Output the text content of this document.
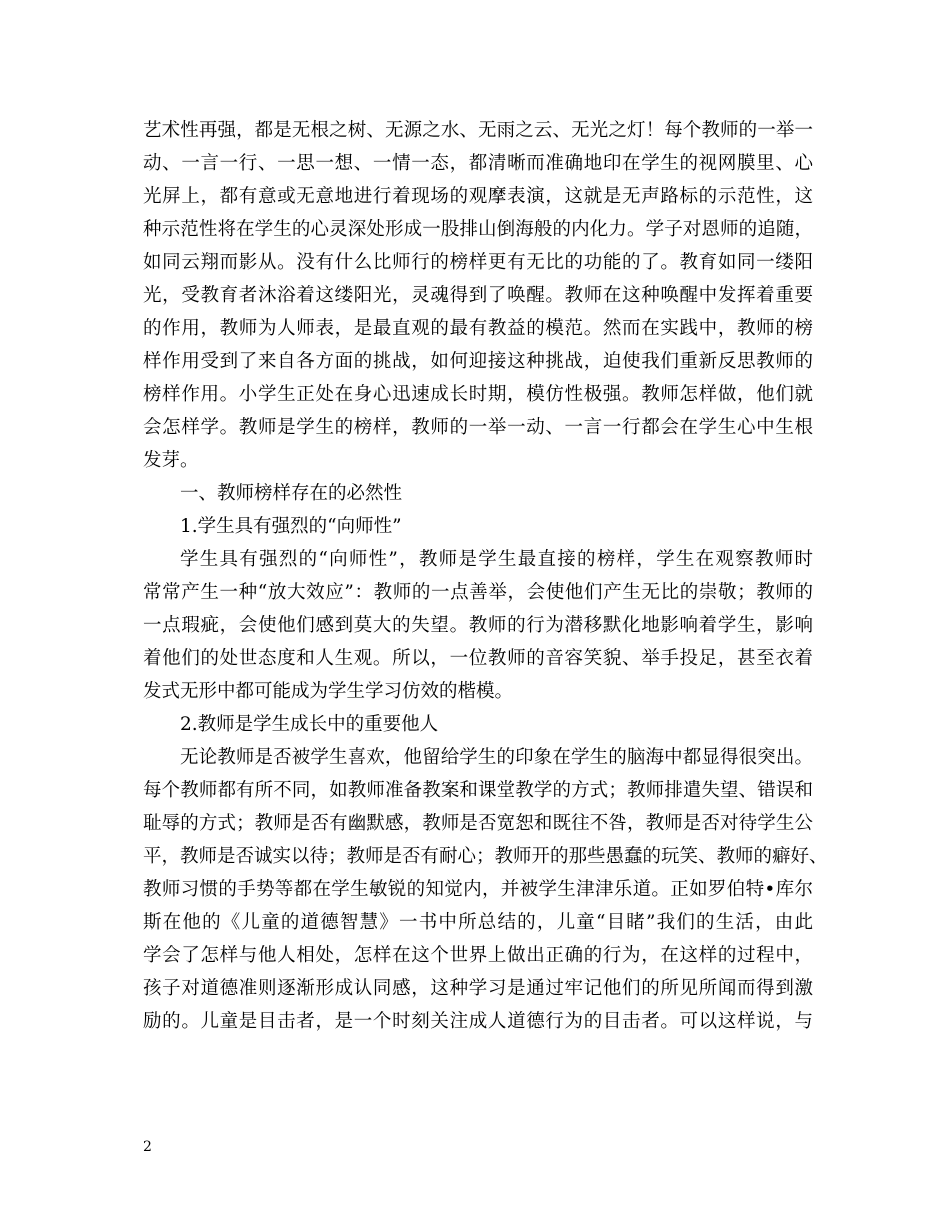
艺术性再强，都是无根之树、无源之水、无雨之云、无光之灯！每个教师的一举一
动、一言一行、一思一想、一情一态，都清晰而准确地印在学生的视网膜里、心
光屏上，都有意或无意地进行着现场的观摩表演，这就是无声路标的示范性，这
种示范性将在学生的心灵深处形成一股排山倒海般的内化力。学子对恩师的追随，
如同云翔而影从。没有什么比师行的榜样更有无比的功能的了。教育如同一缕阳
光，受教育者沐浴着这缕阳光，灵魂得到了唤醒。教师在这种唤醒中发挥着重要
的作用，教师为人师表，是最直观的最有教益的模范。然而在实践中，教师的榜
样作用受到了来自各方面的挑战，如何迎接这种挑战，迫使我们重新反思教师的
榜样作用。小学生正处在身心迅速成长时期，模仿性极强。教师怎样做，他们就
会怎样学。教师是学生的榜样，教师的一举一动、一言一行都会在学生心中生根
发芽。
一、教师榜样存在的必然性
1.学生具有强烈的“向师性”
学生具有强烈的“向师性”，教师是学生最直接的榜样，学生在观察教师时
常常产生一种“放大效应”：教师的一点善举，会使他们产生无比的崇敬；教师的
一点瑕疵，会使他们感到莫大的失望。教师的行为潜移默化地影响着学生，影响
着他们的处世态度和人生观。所以，一位教师的音容笑貌、举手投足，甚至衣着
发式无形中都可能成为学生学习仿效的楷模。
2.教师是学生成长中的重要他人
无论教师是否被学生喜欢，他留给学生的印象在学生的脑海中都显得很突出。
每个教师都有所不同，如教师准备教案和课堂教学的方式；教师排遣失望、错误和
耻辱的方式；教师是否有幽默感，教师是否宽恕和既往不咎，教师是否对待学生公
平，教师是否诚实以待；教师是否有耐心；教师开的那些愚蠢的玩笑、教师的癖好、
教师习惯的手势等都在学生敏锐的知觉内，并被学生津津乐道。正如罗伯特•库尔
斯在他的《儿童的道德智慧》一书中所总结的，儿童“目睹”我们的生活，由此
学会了怎样与他人相处，怎样在这个世界上做出正确的行为，在这样的过程中，
孩子对道德准则逐渐形成认同感，这种学习是通过牢记他们的所见所闻而得到激
励的。儿童是目击者，是一个时刻关注成人道德行为的目击者。可以这样说，与
2
